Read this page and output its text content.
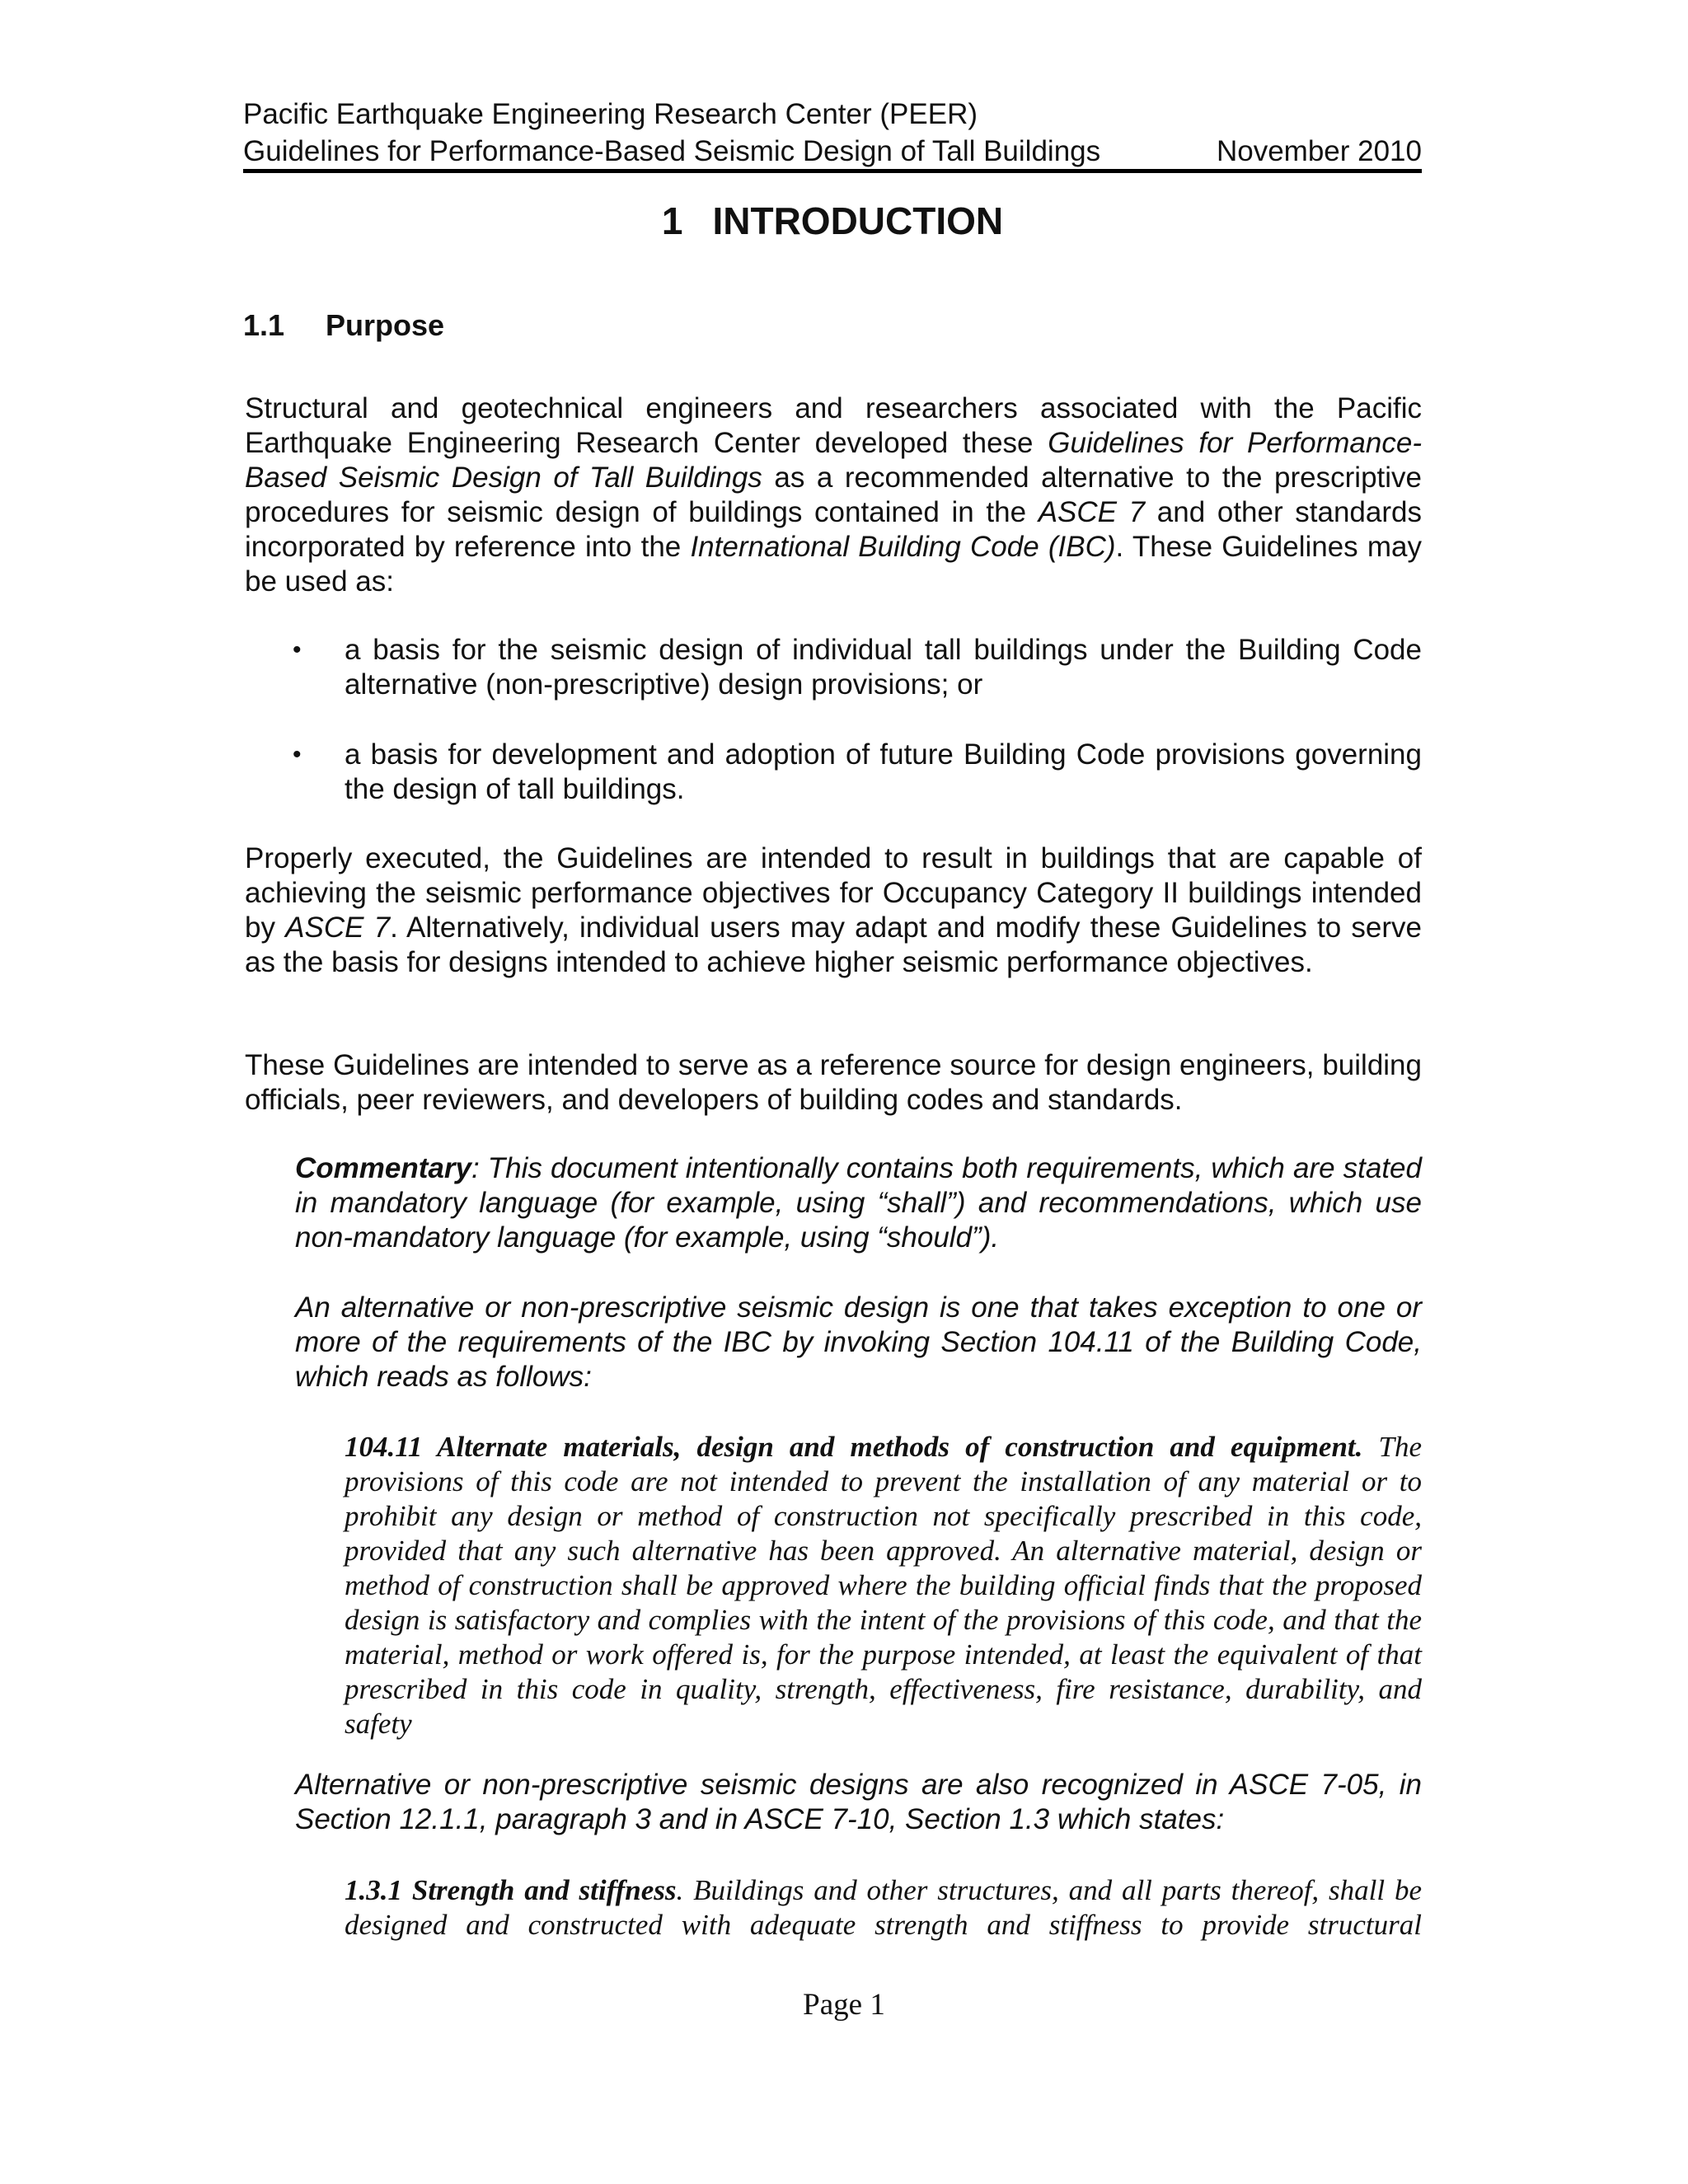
Pacific Earthquake Engineering Research Center (PEER)
Guidelines for Performance-Based Seismic Design of Tall Buildings	November 2010
1 INTRODUCTION
1.1 Purpose

Structural and geotechnical engineers and researchers associated with the Pacific Earthquake Engineering Research Center developed these Guidelines for Performance-Based Seismic Design of Tall Buildings as a recommended alternative to the prescriptive procedures for seismic design of buildings contained in the ASCE 7 and other standards incorporated by reference into the International Building Code (IBC). These Guidelines may be used as:

•	a basis for the seismic design of individual tall buildings under the Building Code alternative (non-prescriptive) design provisions; or

•	a basis for development and adoption of future Building Code provisions governing the design of tall buildings.

Properly executed, the Guidelines are intended to result in buildings that are capable of achieving the seismic performance objectives for Occupancy Category II buildings intended by ASCE 7. Alternatively, individual users may adapt and modify these Guidelines to serve as the basis for designs intended to achieve higher seismic performance objectives.

These Guidelines are intended to serve as a reference source for design engineers, building officials, peer reviewers, and developers of building codes and standards.

Commentary: This document intentionally contains both requirements, which are stated in mandatory language (for example, using “shall”) and recommendations, which use non-mandatory language (for example, using “should”).

An alternative or non-prescriptive seismic design is one that takes exception to one or more of the requirements of the IBC by invoking Section 104.11 of the Building Code, which reads as follows:

104.11 Alternate materials, design and methods of construction and equipment. The provisions of this code are not intended to prevent the installation of any material or to prohibit any design or method of construction not specifically prescribed in this code, provided that any such alternative has been approved. An alternative material, design or method of construction shall be approved where the building official finds that the proposed design is satisfactory and complies with the intent of the provisions of this code, and that the material, method or work offered is, for the purpose intended, at least the equivalent of that prescribed in this code in quality, strength, effectiveness, fire resistance, durability, and safety

Alternative or non-prescriptive seismic designs are also recognized in ASCE 7-05, in Section 12.1.1, paragraph 3 and in ASCE 7-10, Section 1.3 which states:

1.3.1 Strength and stiffness. Buildings and other structures, and all parts thereof, shall be designed and constructed with adequate strength and stiffness to provide structural

Page 1
